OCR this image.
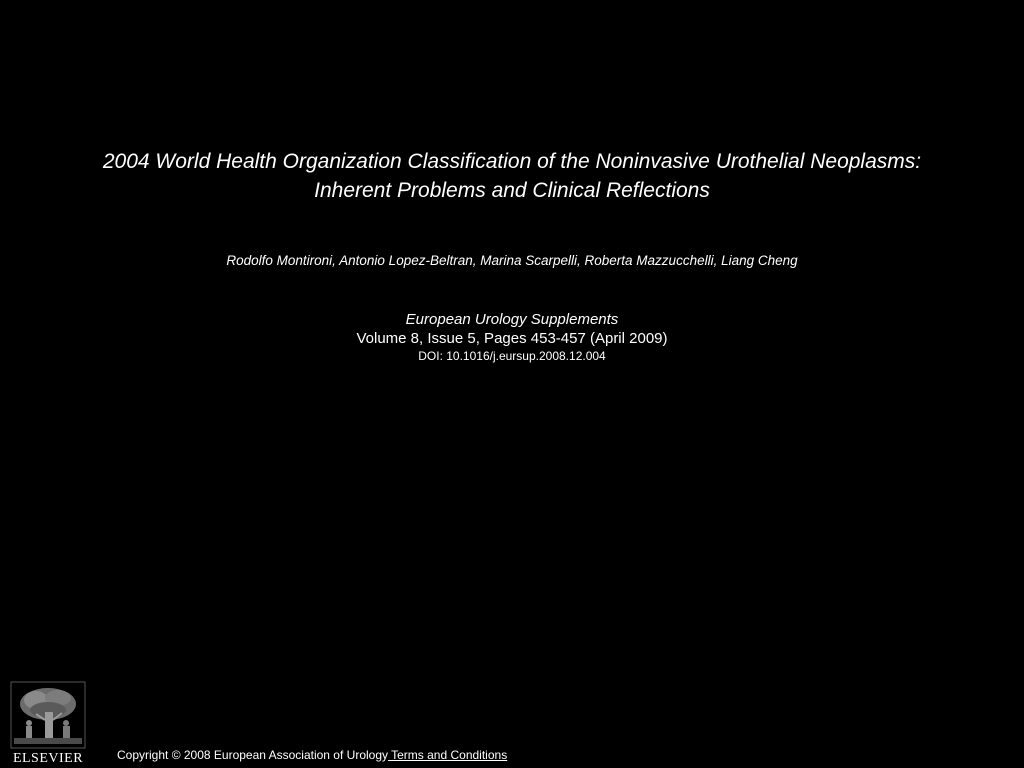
2004 World Health Organization Classification of the Noninvasive Urothelial Neoplasms:
Inherent Problems and Clinical Reflections
Rodolfo Montironi, Antonio Lopez-Beltran, Marina Scarpelli, Roberta Mazzucchelli, Liang Cheng
European Urology Supplements
Volume 8, Issue 5, Pages 453-457 (April 2009)
DOI: 10.1016/j.eursup.2008.12.004
ELSEVIER	Copyright © 2008 European Association of Urology Terms and Conditions
